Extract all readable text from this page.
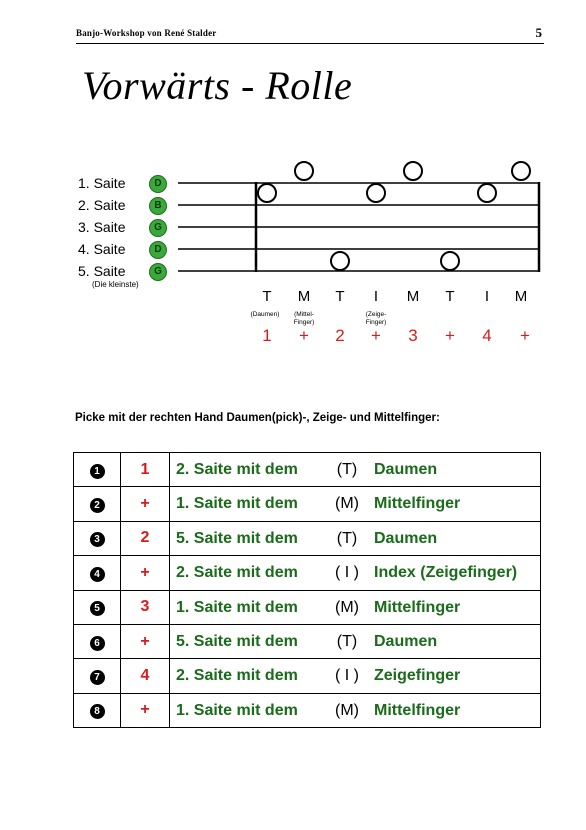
Banjo-Workshop von René Stalder	5
Vorwärts - Rolle
1. Saite	D
2. Saite	B
3. Saite	G
4. Saite	D
5. Saite	G
(Die kleinste)
T	M	T	I	M	T	I	M
(Daumen)	(Mittel-
Finger)
(Zeige-
Finger)
1	+	2	+	3	+	4	+
Picke mit der rechten Hand Daumen(pick)-, Zeige- und Mittelfinger:
1	1	2. Saite mit dem (T) Daumen

2	+	1. Saite mit dem (M) Mittelfinger

3	2	5. Saite mit dem (T) Daumen

4	+	2. Saite mit dem ( I ) Index (Zeigefinger)

5	3	1. Saite mit dem (M) Mittelfinger

6	+	5. Saite mit dem (T) Daumen

7	4	2. Saite mit dem ( I ) Zeigefinger

8	+	1. Saite mit dem (M) Mittelfinger
